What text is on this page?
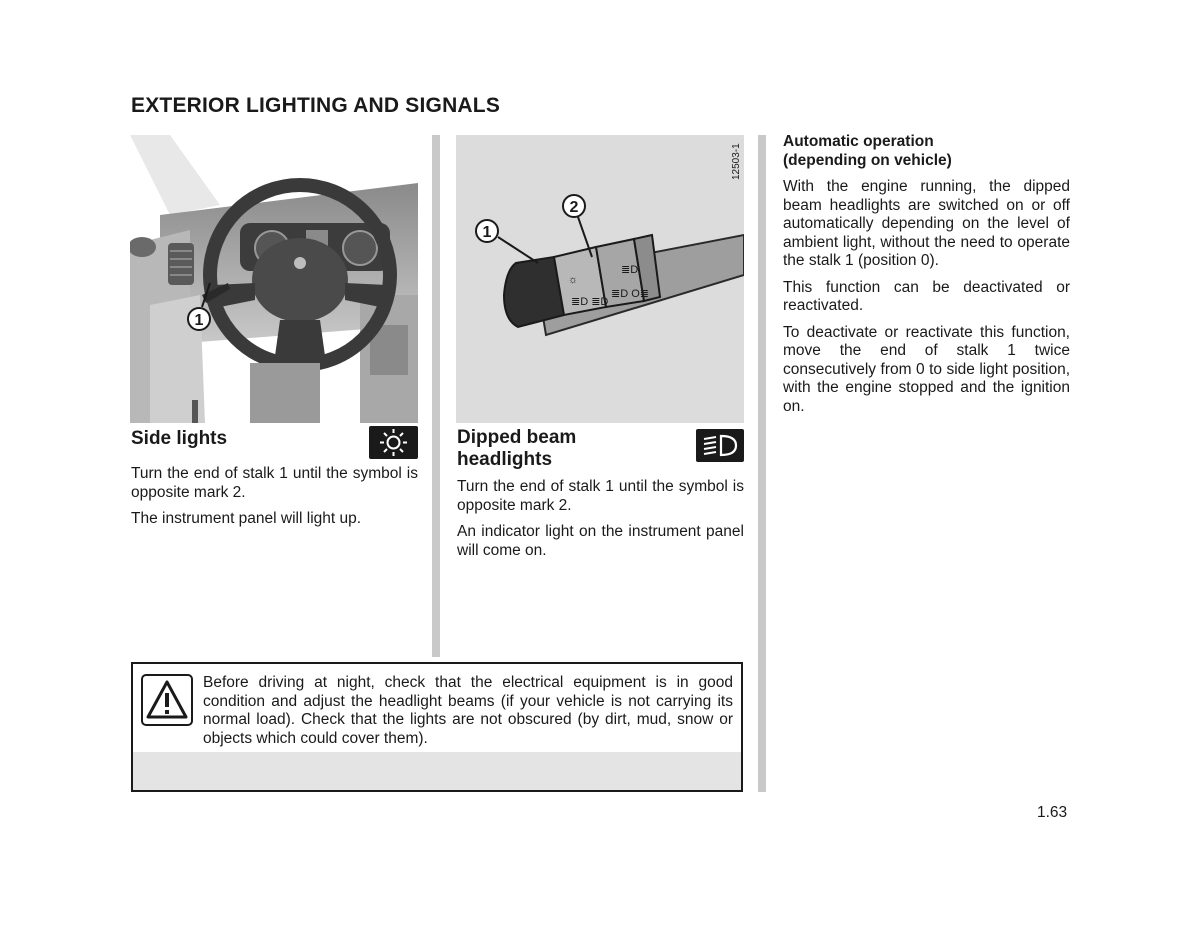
EXTERIOR LIGHTING AND SIGNALS
1
≣D ≣D
☼
≣D O≣
≣D
1
2
12503-1
Side lights

Turn the end of stalk 1 until the symbol is opposite mark 2.

The instrument panel will light up.

Dipped beam
headlights

Turn the end of stalk 1 until the symbol is opposite mark 2.

An indicator light on the instrument panel will come on.

Automatic operation
(depending on vehicle)

With the engine running, the dipped beam headlights are switched on or off automatically depending on the level of ambient light, without the need to operate the stalk 1 (position 0).

This function can be deactivated or reactivated.

To deactivate or reactivate this function, move the end of stalk 1 twice consecutively from 0 to side light position, with the engine stopped and the ignition on.

Before driving at night, check that the electrical equipment is in good condition and adjust the headlight beams (if your vehicle is not carrying its normal load). Check that the lights are not obscured (by dirt, mud, snow or objects which could cover them).
1.63
